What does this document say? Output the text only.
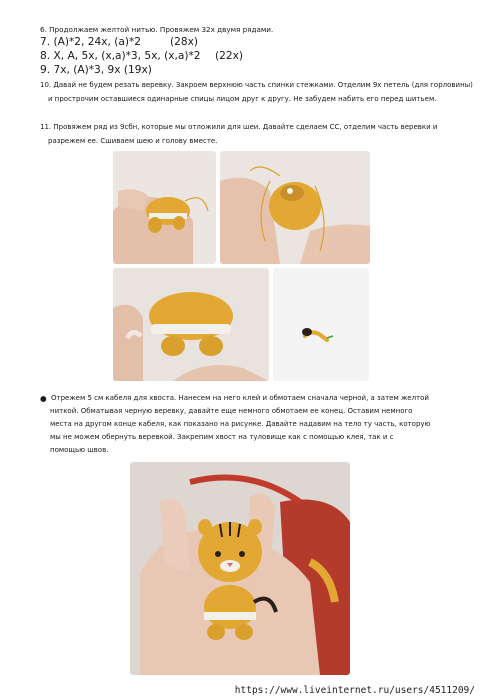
6. Продолжаем желтой нитью. Провяжем 32х двумя рядами.
7. (A)*2, 24x, (a)*2	(28x)
8. X, A, 5x, (x,a)*3, 5x, (x,a)*2 (22x)
9. 7x, (A)*3, 9x (19x)
10. Давай не будем резать веревку. Закроем верхнюю часть спинки стежками. Отделим 9х петель (для горловины)
и прострочим оставшиеся одинарные спицы лицом друг к другу. Не забудем набить его перед шитьем.
11. Провяжем ряд из 9сбн, которые мы отложили для шеи. Давайте сделаем СС, отделим часть веревки и
разрежем ее. Сшиваем шею и голову вместе.
● Отрежем 5 см кабеля для хвоста. Нанесем на него клей и обмотаем сначала черной, а затем желтой
ниткой. Обматывая черную веревку, давайте еще немного обмотаем ее конец. Оставим немного
места на другом конце кабеля, как показано на рисунке. Давайте надавим на тело ту часть, которую
мы не можем обернуть веревкой. Закрепим хвост на туловище как с помощью клея, так и с
помощью швов.
https://www.liveinternet.ru/users/4511209/
